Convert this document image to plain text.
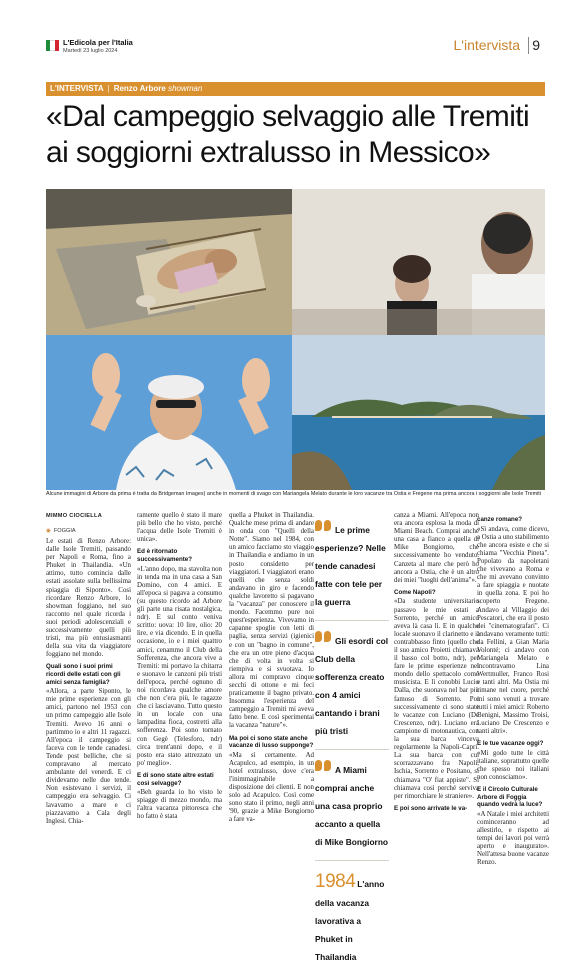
L'Edicola per l'Italia
Martedì 23 luglio 2024	L'intervista 9
L'INTERVISTA | Renzo Arbore showman
«Dal campeggio selvaggio alle Tremiti ai soggiorni extralusso in Messico»
Alcune immagini di Arbore da prima è tratta da Bridgeman Images) anche in momenti di svago con Mariangela Melato durante le loro vacanze tra Ostia e Fregene ma prima ancora i soggiorni alle Isole Tremiti
MIMMO CIOCIELLA
◉ FOGGIA

Le estati di Renzo Arbore: dalle Isole Tremiti, passando per Napoli e Roma, fino a Phuket in Thailandia. «Un attimo, tutto comincia dalle estati assolate sulla bellissima spiaggia di Siponto». Così ricordare Renzo Arbore, lo showman foggiano, nel suo racconto nel quale ricorda i suoi periodi adolescenziali e successivamente quelli più tristi, ma più entusiasmanti della sua vita da viaggiatore foggiano nel mondo.

Quali sono i suoi primi ricordi delle estati con gli amici senza famiglia?

«Allora, a parte Siponto, le mie prime esperienze con gli amici, partono nel 1953 con un primo campeggio alle Isole Tremiti. Avevo 16 anni e partimmo io e altri 11 ragazzi. All'epoca il campeggio si faceva con le tende canadesi. Tende post belliche, che si compravano al mercato ambulante del venerdì. E ci dividevamo nelle due tende. Non esistevano i servizi, il campeggio era selvaggio. Ci lavavamo a mare e ci piazzavamo a Cala degli Inglesi. Chia-

ramente quello è stato il mare più bello che ho visto, perché l'acqua delle Isole Tremiti è unica».

Ed è ritornato successivamente?

«L'anno dopo, ma stavolta non in tenda ma in una casa a San Domino, con 4 amici. E all'epoca si pagava a consumo (su questo ricordo ad Arbore gli parte una risata nostalgica, ndr). E sul conto veniva scritto: uova: 10 lire, olio: 20 lire, e via dicendo. E in quella occasione, io e i miei quattro amici, cenammo il Club della Sofferenza, che ancora vive a Tremiti: mi portavo la chitarra e suonavo le canzoni più tristi dell'epoca, perché ognuno di noi ricordava qualche amore che non c'era più, le ragazze che ci lasciavano. Tutto questo in un locale con una lampadina fioca, costretti alla sofferenza. Poi sono tornato con Gegè (Telesforo, ndr) circa trent'anni dopo, e il posto era stato attrezzato un po' meglio».

E di sono state altre estati così selvagge?

«Beh guarda io ho visto le spiagge di mezzo mondo, ma l'altra vacanza pittoresca che ho fatto è stata

quella a Phuket in Thailandia. Qualche mese prima di andare in onda con "Quelli della Notte". Siamo nel 1984, con un amico facciamo sto viaggio in Thailandia e andiamo in un posto considetto per viaggiatori. I viaggiatori erano quelli che senza soldi andavano in giro e facendo qualche lavoretto si pagavano la "vacanza" per conoscere il mondo. Facemmo pure noi quest'esperienza. Vivevamo in capanne spoglie con letti di paglia, senza servizi (igienici e con un "bagno in comune", che era un otre pieno d'acqua che di volta in volta si riempiva e si svuotava. Io allora mi compravo cinque secchi di ottone e mi feci praticamente il bagno privato. Insomma l'esperienza del campeggio a Tremiti mi aveva fatto bene. E così sperimentai la vacanza "nature"».

Ma poi ci sono state anche vacanze di lusso supponge?

«Ma sì certamente. Ad Acapulco, ad esempio, in un hotel extralusso, dove c'era l'inimmaginabile a disposizione dei clienti. E non solo ad Acapulco. Così come sono stato il primo, negli anni '90, grazie a Mike Bongiorno a fare va-

canza a Miami. All'epoca non era ancora esplosa la moda di Miami Beach. Comprai anche una casa a fianco a quella di Mike Bongiorno, che successivamente ho venduto. Canzeta al mare che però ho ancora a Ostia, che è un altro dei miei "luoghi dell'anima"».

Come Napoli?

«Da studente universitario passavo le mie estati a Sorrento, perché un amico aveva là casa lì. E in qualche locale suonavo il clarinetto e il contrabbasso finto (quello che il suo amico Proietti chiamava il basso col botto, ndr), per fare le prime esperienze nel mondo dello spettacolo come musicista. E lì conobbi Lucio Dalla, che suonava nel bar più famoso di Sorrento. Poi successivamente ci sono state le vacanze con Luciano (De Crescenzo, ndr). Luciano era campione di motonautica, con la sua barca vinceva regolarmente la Napoli-Capri. La sua barca con cui scorrazzavano fra Napoli, Ischia, Sorrento e Positano, si chiamava "O' fiat appiste". Si chiamava così perché serviva per rimorchiare le straniere».

E poi sono arrivate le va-
canze romane?

«Sì andava, come dicevo, a Ostia a uno stabilimento che ancora esiste e che si chiama "Vecchia Pineta". Popolato da napoletani che vivevano a Roma e che mi avevano convinto a fare spiaggia e nuotate in quella zona. E poi ho scoperto Fregene. Andavo al Villaggio dei Pescatori, che era il posto dei "cinematografari". Ci andavano veramente tutti: da Fellini, a Gian Maria Volonté; ci andavo con Mariangela Melato e incontravamo Lina Wertmuller, Franco Rosi e tanti altri. Ma Ostia mi rimane nel cuore, perché mi sono venuti a trovare tutti i miei amici: Roberto Benigni, Massimo Troisi, Luciano De Crescenzo e tanti altri».

E le tue vacanze oggi?

«Mi godo tutte le città italiane, soprattutto quelle che spesso noi italiani non conosciamo».

E il Circolo Culturale Arbore di Foggia quando vedrà la luce?

«A Natale i miei architetti cominceranno ad allestirlo, e rispetto ai tempi dei lavori poi verrà aperto e inaugurato». Nell'attesa buone vacanze Renzo.

Le prime esperienze? Nelle tende canadesi fatte con tele per la guerra
Gli esordi col Club della sofferenza creato con 4 amici cantando i brani più tristi
A Miami comprai anche una casa proprio accanto a quella di Mike Bongiorno
1984 L'anno della vacanza lavorativa a Phuket in Thailandia
